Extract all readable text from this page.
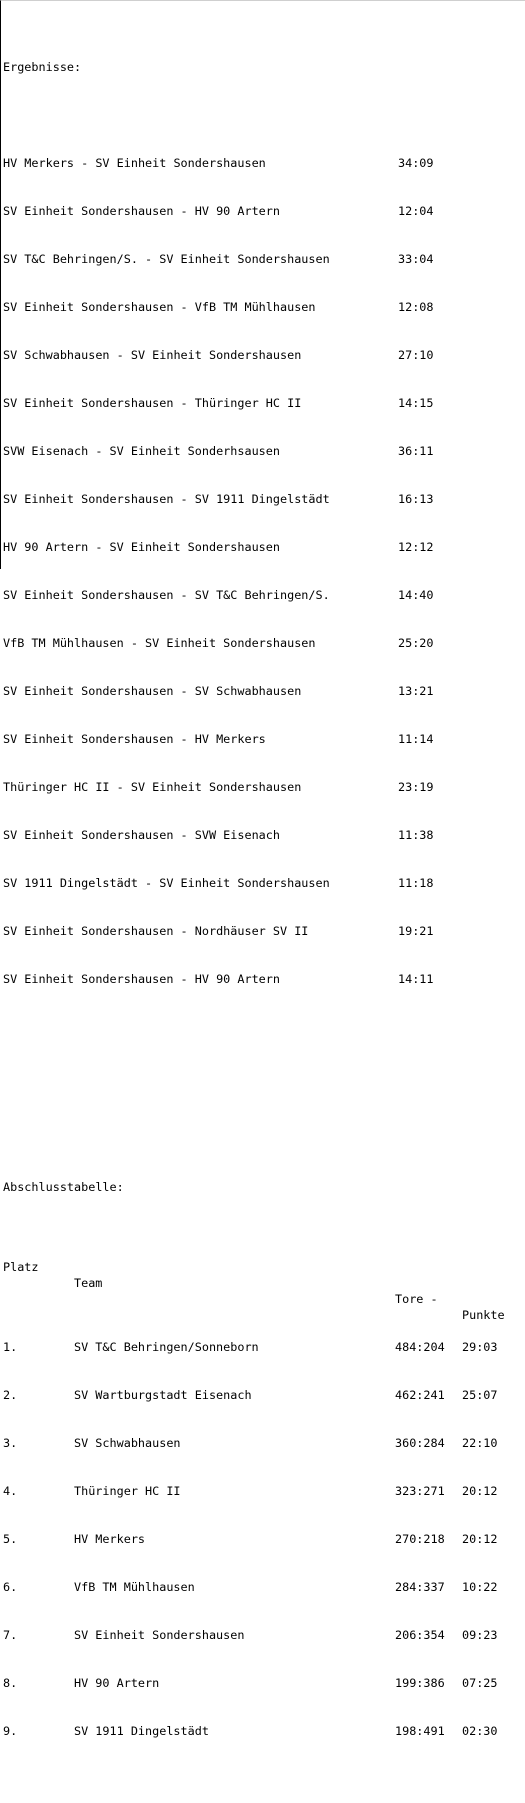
Ergebnisse:

HV Merkers - SV Einheit Sondershausen	34:09

SV Einheit Sondershausen - HV 90 Artern	12:04

SV T&C Behringen/S. - SV Einheit Sondershausen	33:04

SV Einheit Sondershausen - VfB TM Mühlhausen	12:08

SV Schwabhausen - SV Einheit Sondershausen	27:10

SV Einheit Sondershausen - Thüringer HC II	14:15

SVW Eisenach - SV Einheit Sonderhsausen	36:11

SV Einheit Sondershausen - SV 1911 Dingelstädt	16:13

HV 90 Artern - SV Einheit Sondershausen	12:12

SV Einheit Sondershausen - SV T&C Behringen/S.	14:40

VfB TM Mühlhausen - SV Einheit Sondershausen	25:20

SV Einheit Sondershausen - SV Schwabhausen	13:21

SV Einheit Sondershausen - HV Merkers	11:14

Thüringer HC II - SV Einheit Sondershausen	23:19

SV Einheit Sondershausen - SVW Eisenach	11:38

SV 1911 Dingelstädt - SV Einheit Sondershausen	11:18

SV Einheit Sondershausen - Nordhäuser SV II	19:21

SV Einheit Sondershausen - HV 90 Artern	14:11

Abschlusstabelle:

Platz

Team

Tore -

Punkte

1.	SV T&C Behringen/Sonneborn	484:204 29:03

2.	SV Wartburgstadt Eisenach	462:241 25:07

3.	SV Schwabhausen	360:284 22:10

4.	Thüringer HC II	323:271 20:12

5.	HV Merkers	270:218 20:12

6.	VfB TM Mühlhausen	284:337 10:22

7.	SV Einheit Sondershausen	206:354 09:23

8.	HV 90 Artern	199:386 07:25

9.	SV 1911 Dingelstädt	198:491 02:30
